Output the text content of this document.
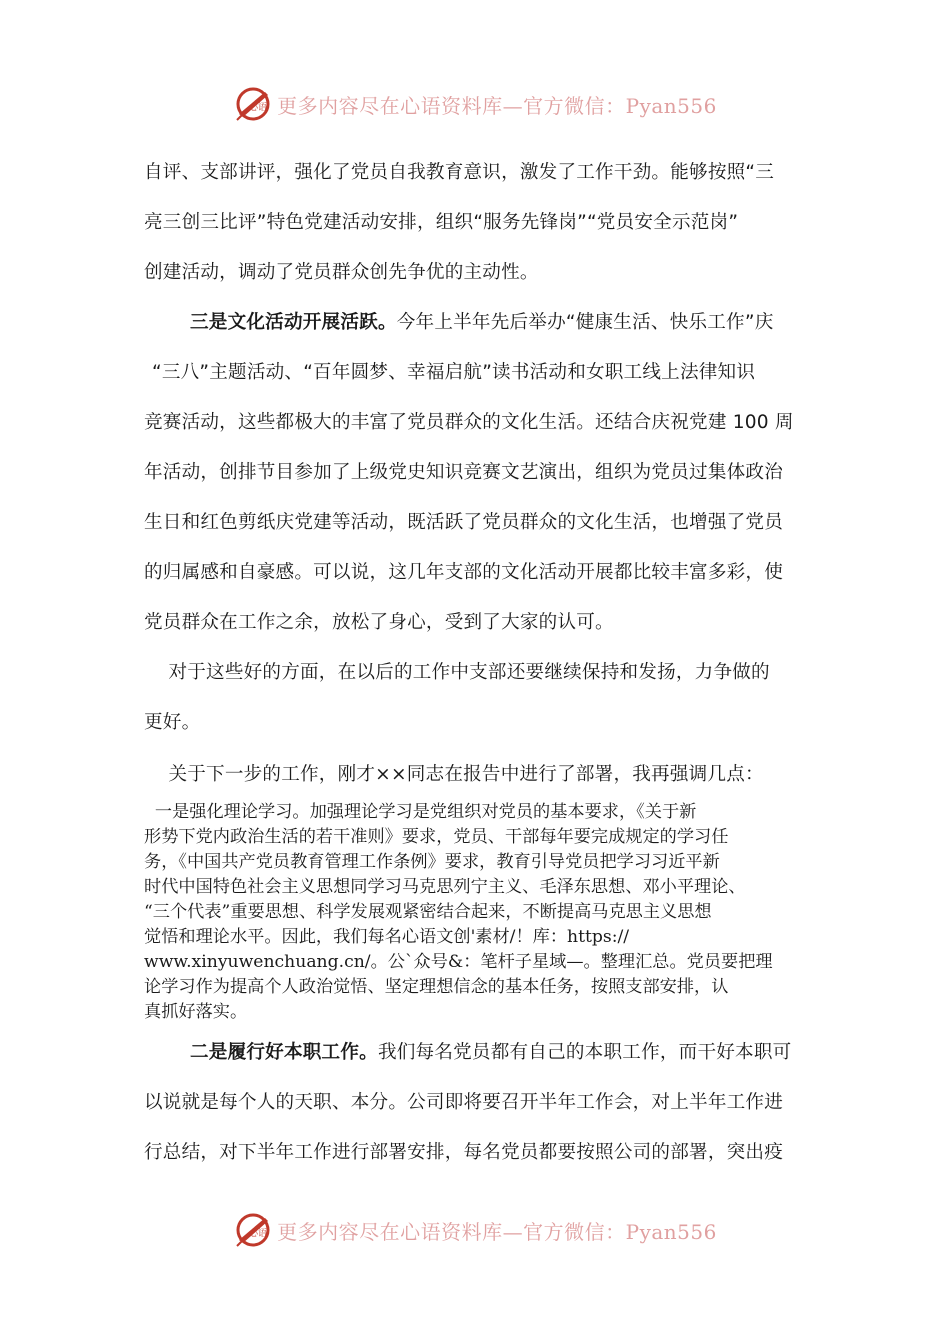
心语 更多内容尽在心语资料库—官方微信：Pyan556
自评、支部讲评，强化了党员自我教育意识，激发了工作干劲。能够按照“三
亮三创三比评”特色党建活动安排，组织“服务先锋岗”“党员安全示范岗”
创建活动，调动了党员群众创先争优的主动性。
三是文化活动开展活跃。今年上半年先后举办“健康生活、快乐工作”庆
“三八”主题活动、“百年圆梦、幸福启航”读书活动和女职工线上法律知识
竞赛活动，这些都极大的丰富了党员群众的文化生活。还结合庆祝党建 100 周
年活动，创排节目参加了上级党史知识竞赛文艺演出，组织为党员过集体政治
生日和红色剪纸庆党建等活动，既活跃了党员群众的文化生活，也增强了党员
的归属感和自豪感。可以说，这几年支部的文化活动开展都比较丰富多彩，使
党员群众在工作之余，放松了身心，受到了大家的认可。
对于这些好的方面，在以后的工作中支部还要继续保持和发扬，力争做的
更好。
关于下一步的工作，刚才××同志在报告中进行了部署，我再强调几点：
一是强化理论学习。加强理论学习是党组织对党员的基本要求，《关于新
形势下党内政治生活的若干准则》要求，党员、干部每年要完成规定的学习任
务，《中国共产党员教育管理工作条例》要求，教育引导党员把学习习近平新
时代中国特色社会主义思想同学习马克思列宁主义、毛泽东思想、邓小平理论、
“三个代表”重要思想、科学发展观紧密结合起来，不断提高马克思主义思想
觉悟和理论水平。因此，我们每名心语文创'素材/！库：https://
www.xinyuwenchuang.cn/。公`众号&：笔杆子星域—。整理汇总。党员要把理
论学习作为提高个人政治觉悟、坚定理想信念的基本任务，按照支部安排，认
真抓好落实。
二是履行好本职工作。我们每名党员都有自己的本职工作，而干好本职可
以说就是每个人的天职、本分。公司即将要召开半年工作会，对上半年工作进
行总结，对下半年工作进行部署安排，每名党员都要按照公司的部署，突出疫
心语 更多内容尽在心语资料库—官方微信：Pyan556
